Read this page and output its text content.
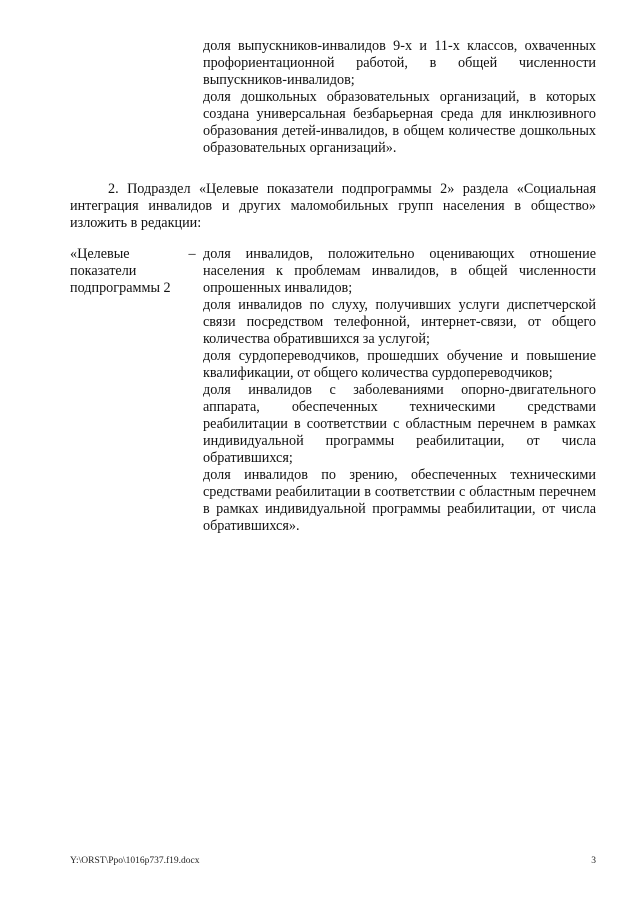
доля выпускников-инвалидов 9-х и 11-х классов, охваченных профориентационной работой, в общей численности выпускников-инвалидов;

доля дошкольных образовательных организаций, в которых создана универсальная безбарьерная среда для инклюзивного образования детей-инвалидов, в общем количестве дошкольных образовательных организаций».

2. Подраздел «Целевые показатели подпрограммы 2» раздела «Социальная интеграция инвалидов и других маломобильных групп населения в общество» изложить в редакции:

«Целевые показатели подпрограммы 2
– доля инвалидов, положительно оценивающих отношение населения к проблемам инвалидов, в общей численности опрошенных инвалидов;

доля инвалидов по слуху, получивших услуги диспетчерской связи посредством телефонной, интернет-связи, от общего количества обратившихся за услугой;

доля сурдопереводчиков, прошедших обучение и повышение квалификации, от общего количества сурдопереводчиков;

доля инвалидов с заболеваниями опорно-двигательного аппарата, обеспеченных техническими средствами реабилитации в соответствии с областным перечнем в рамках индивидуальной программы реабилитации, от числа обратившихся;

доля инвалидов по зрению, обеспеченных техническими средствами реабилитации в соответствии с областным перечнем в рамках индивидуальной программы реабилитации, от числа обратившихся».

Y:\ORST\Ppo\1016p737.f19.docx	3
